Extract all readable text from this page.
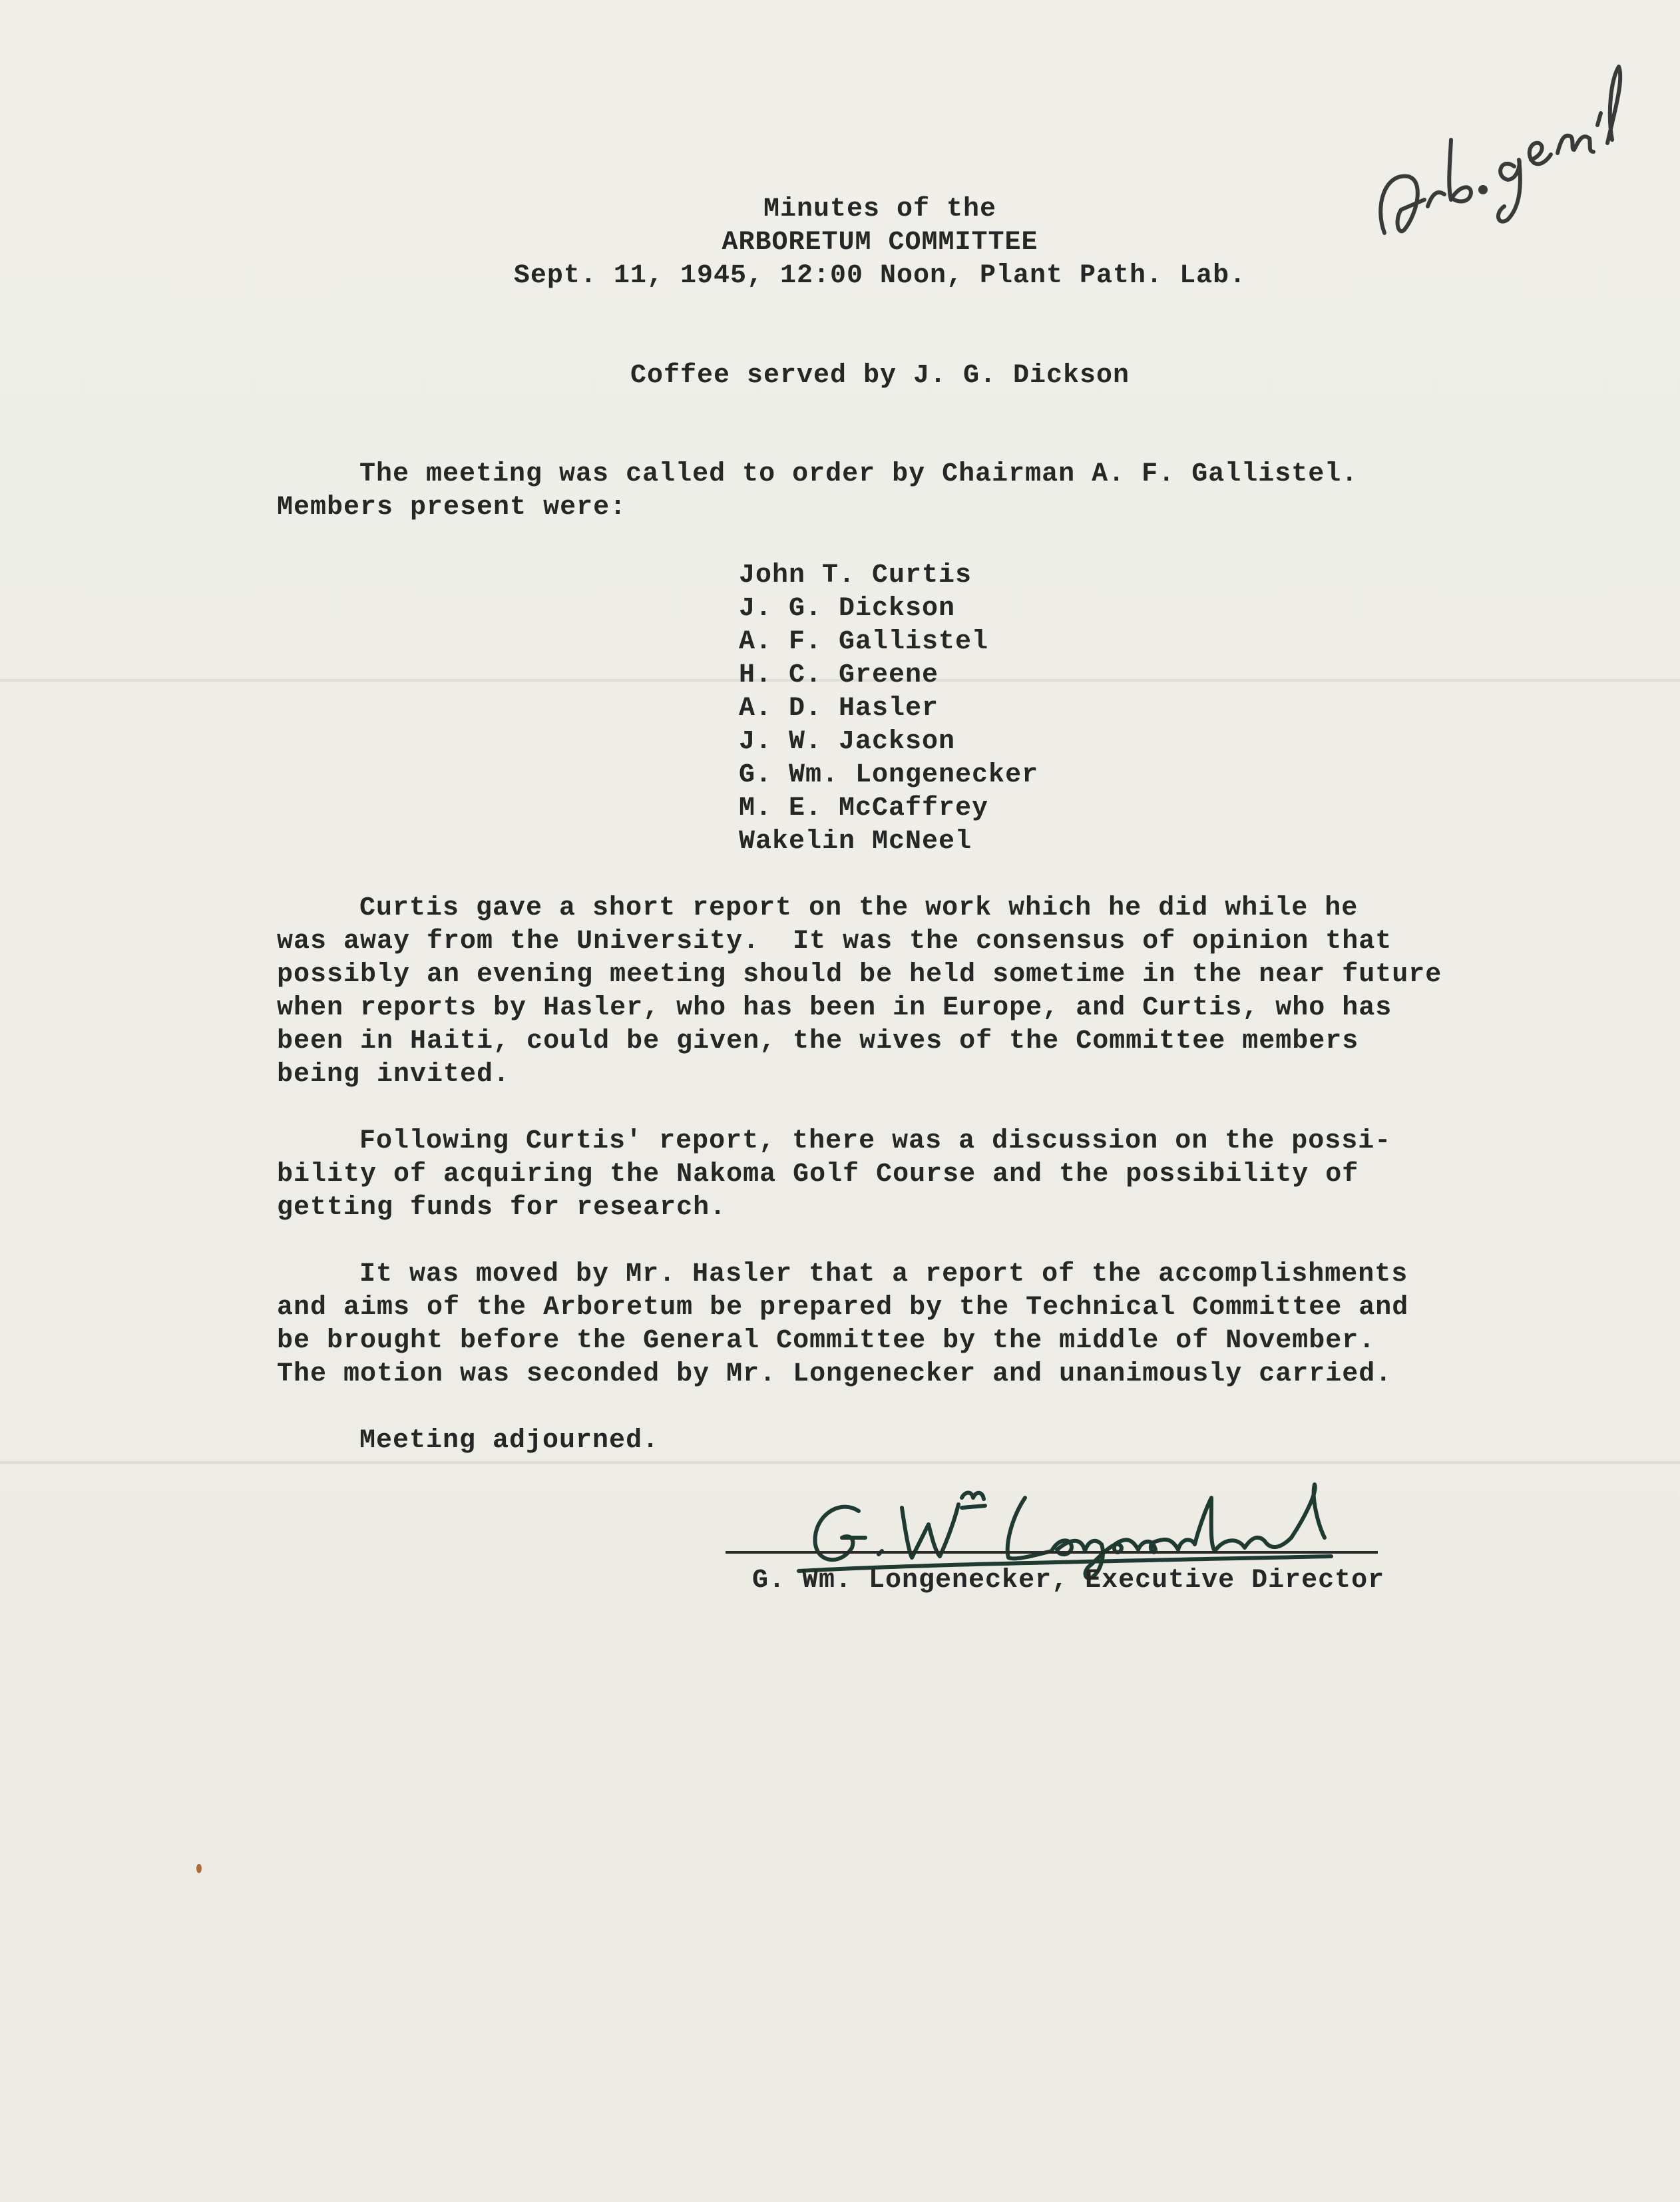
Minutes of the
ARBORETUM COMMITTEE
Sept. 11, 1945, 12:00 Noon, Plant Path. Lab.
Coffee served by J. G. Dickson
The meeting was called to order by Chairman A. F. Gallistel.
Members present were:
John T. Curtis
J. G. Dickson
A. F. Gallistel
H. C. Greene
A. D. Hasler
J. W. Jackson
G. Wm. Longenecker
M. E. McCaffrey
Wakelin McNeel
Curtis gave a short report on the work which he did while he
was away from the University.  It was the consensus of opinion that
possibly an evening meeting should be held sometime in the near future
when reports by Hasler, who has been in Europe, and Curtis, who has
been in Haiti, could be given, the wives of the Committee members
being invited.
Following Curtis' report, there was a discussion on the possi-
bility of acquiring the Nakoma Golf Course and the possibility of
getting funds for research.
It was moved by Mr. Hasler that a report of the accomplishments
and aims of the Arboretum be prepared by the Technical Committee and
be brought before the General Committee by the middle of November.
The motion was seconded by Mr. Longenecker and unanimously carried.
Meeting adjourned.
G. Wm. Longenecker, Executive Director
